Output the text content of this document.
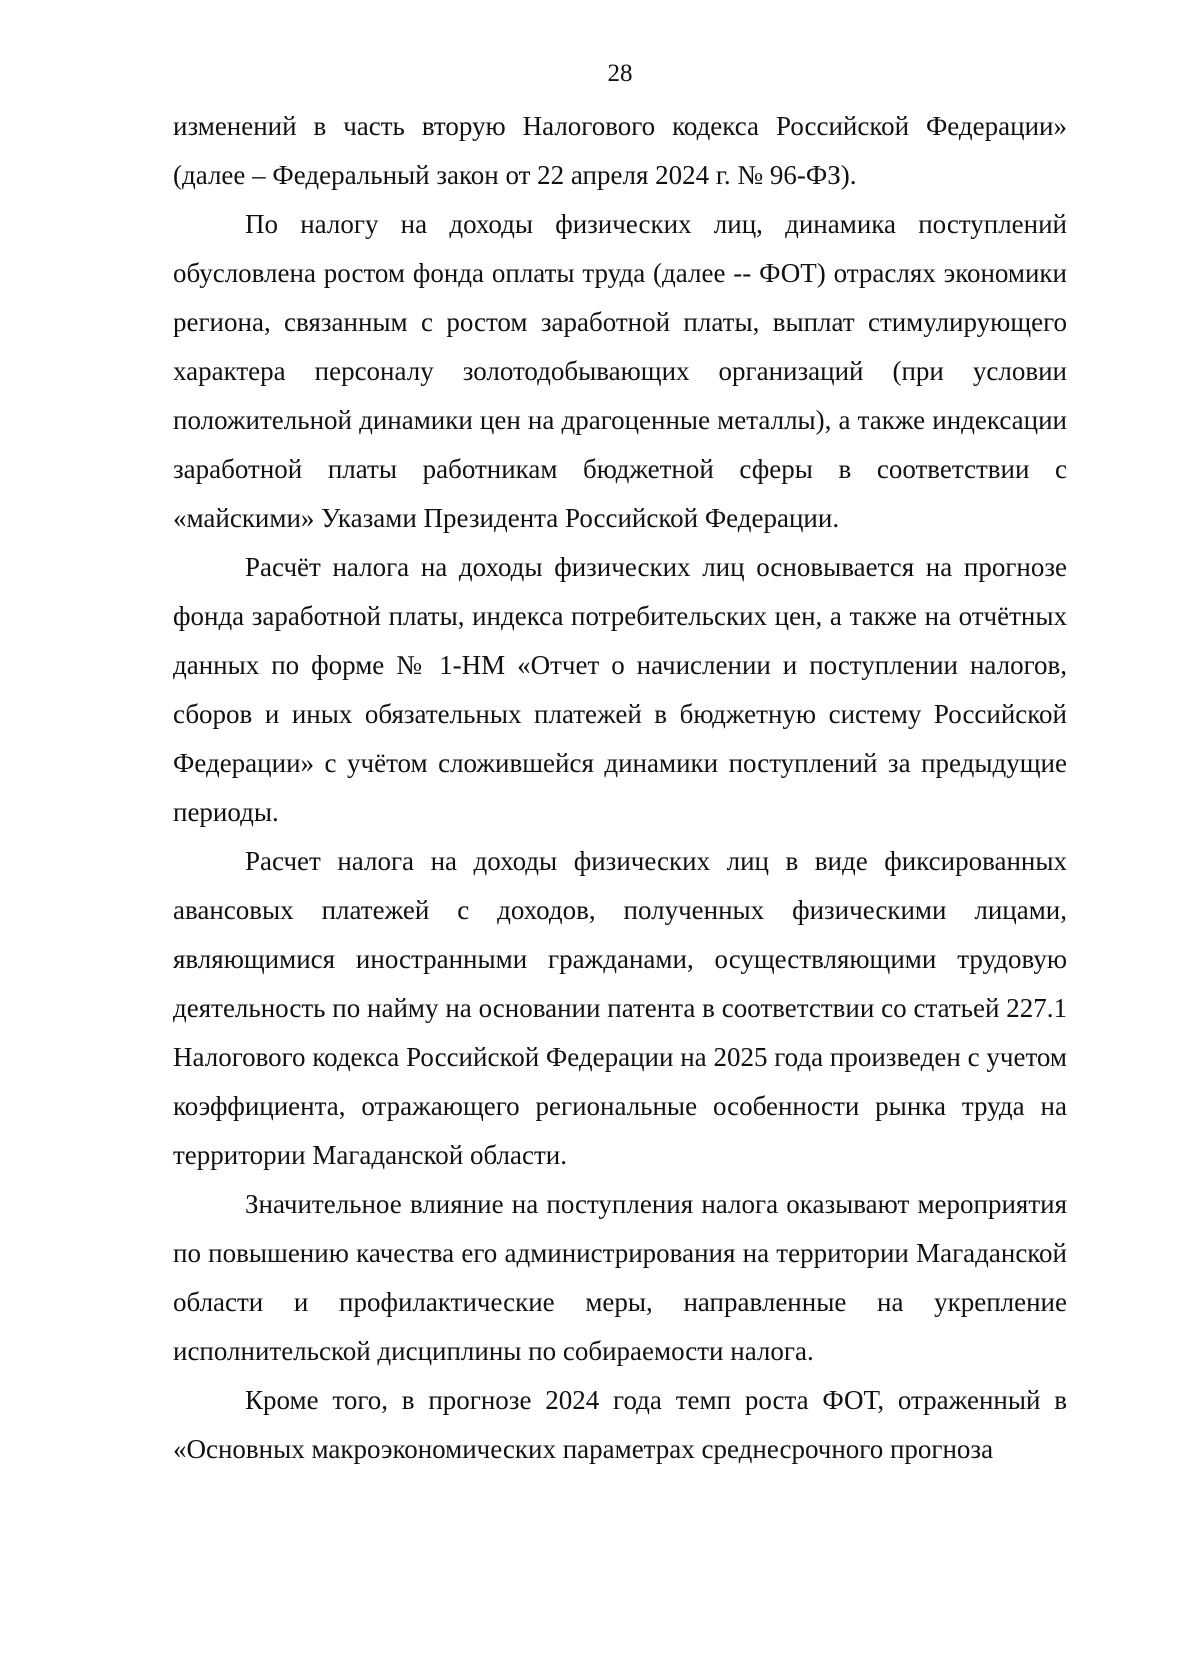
28

изменений в часть вторую Налогового кодекса Российской Федерации» (далее – Федеральный закон от 22 апреля 2024 г. № 96-ФЗ).

По налогу на доходы физических лиц, динамика поступлений обусловлена ростом фонда оплаты труда (далее -- ФОТ) отраслях экономики региона, связанным с ростом заработной платы, выплат стимулирующего характера персоналу золотодобывающих организаций (при условии положительной динамики цен на драгоценные металлы), а также индексации заработной платы работникам бюджетной сферы в соответствии с «майскими» Указами Президента Российской Федерации.

Расчёт налога на доходы физических лиц основывается на прогнозе фонда заработной платы, индекса потребительских цен, а также на отчётных данных по форме № 1-НМ «Отчет о начислении и поступлении налогов, сборов и иных обязательных платежей в бюджетную систему Российской Федерации» с учётом сложившейся динамики поступлений за предыдущие периоды.

Расчет налога на доходы физических лиц в виде фиксированных авансовых платежей с доходов, полученных физическими лицами, являющимися иностранными гражданами, осуществляющими трудовую деятельность по найму на основании патента в соответствии со статьей 227.1 Налогового кодекса Российской Федерации на 2025 года произведен с учетом коэффициента, отражающего региональные особенности рынка труда на территории Магаданской области.

Значительное влияние на поступления налога оказывают мероприятия по повышению качества его администрирования на территории Магаданской области и профилактические меры, направленные на укрепление исполнительской дисциплины по собираемости налога.

Кроме того, в прогнозе 2024 года темп роста ФОТ, отраженный в «Основных макроэкономических параметрах среднесрочного прогноза
